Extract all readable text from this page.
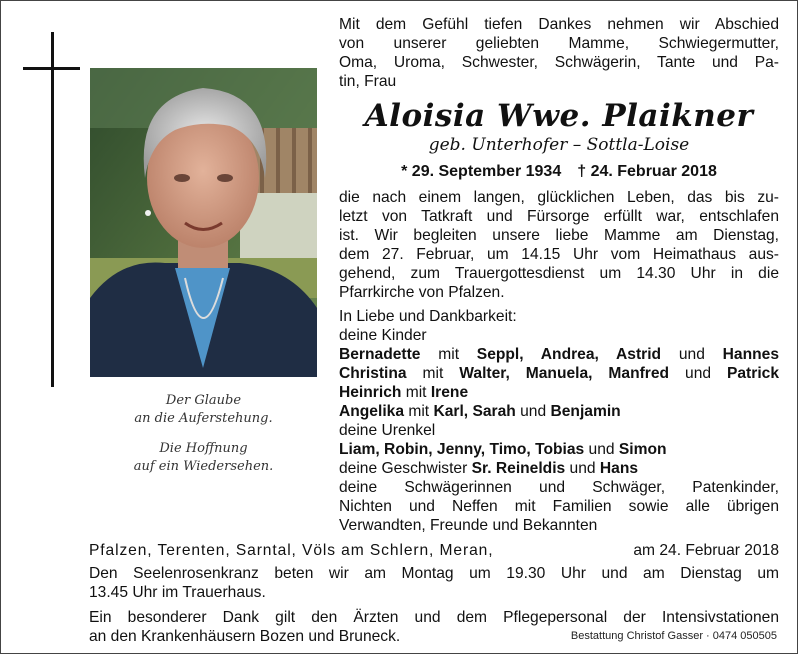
Der Glaube
an die Auferstehung.
Die Hoffnung
auf ein Wiedersehen.
Mit dem Gefühl tiefen Dankes nehmen wir Abschied
von unserer geliebten Mamme, Schwiegermutter,
Oma, Uroma, Schwester, Schwägerin, Tante und Pa-
tin, Frau
Aloisia Wwe. Plaikner
geb. Unterhofer – Sottla-Loise
* 29. September 1934 † 24. Februar 2018
die nach einem langen, glücklichen Leben, das bis zu-
letzt von Tatkraft und Fürsorge erfüllt war, entschlafen
ist. Wir begleiten unsere liebe Mamme am Dienstag,
dem 27. Februar, um 14.15 Uhr vom Heimathaus aus-
gehend, zum Trauergottesdienst um 14.30 Uhr in die
Pfarrkirche von Pfalzen.
In Liebe und Dankbarkeit:
deine Kinder
Bernadette mit Seppl, Andrea, Astrid und Hannes
Christina mit Walter, Manuela, Manfred und Patrick
Heinrich mit Irene
Angelika mit Karl, Sarah und Benjamin
deine Urenkel
Liam, Robin, Jenny, Timo, Tobias und Simon
deine Geschwister Sr. Reineldis und Hans
deine Schwägerinnen und Schwäger, Patenkinder,
Nichten und Neffen mit Familien sowie alle übrigen
Verwandten, Freunde und Bekannten
Pfalzen, Terenten, Sarntal, Völs am Schlern, Meran,	am 24. Februar 2018
Den Seelenrosenkranz beten wir am Montag um 19.30 Uhr und am Dienstag um
13.45 Uhr im Trauerhaus.
Ein besonderer Dank gilt den Ärzten und dem Pflegepersonal der Intensivstationen
an den Krankenhäusern Bozen und Bruneck.	Bestattung Christof Gasser · 0474 050505
